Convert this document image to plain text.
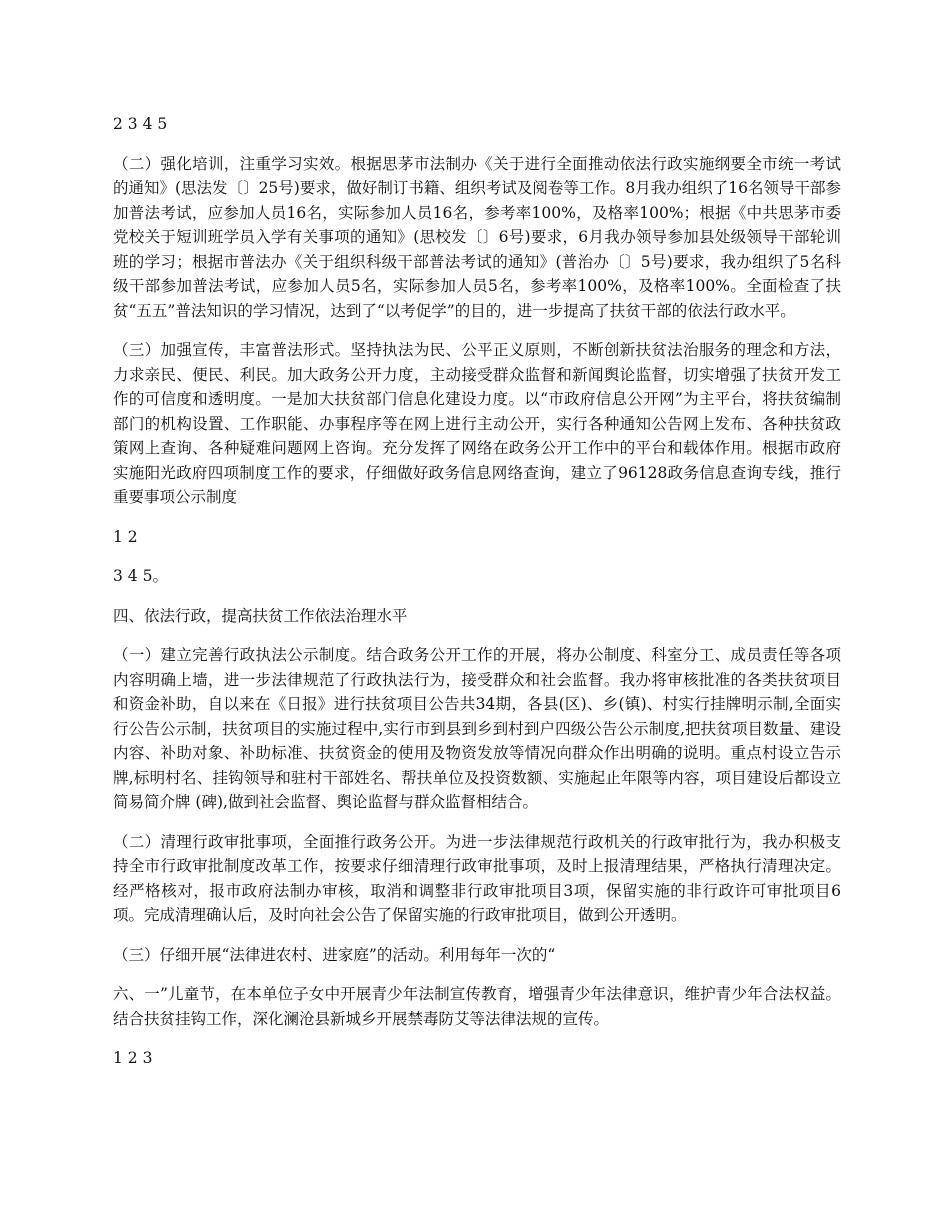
2 3 4 5

（二）强化培训，注重学习实效。根据思茅市法制办《关于进行全面推动依法行政实施纲要全市统一考试的通知》(思法发〔〕25号)要求，做好制订书籍、组织考试及阅卷等工作。8月我办组织了16名领导干部参加普法考试，应参加人员16名，实际参加人员16名，参考率100%，及格率100%；根据《中共思茅市委党校关于短训班学员入学有关事项的通知》(思校发〔〕6号)要求，6月我办领导参加县处级领导干部轮训班的学习；根据市普法办《关于组织科级干部普法考试的通知》(普治办〔〕5号)要求，我办组织了5名科级干部参加普法考试，应参加人员5名，实际参加人员5名，参考率100%，及格率100%。全面检查了扶贫“五五”普法知识的学习情况，达到了“以考促学”的目的，进一步提高了扶贫干部的依法行政水平。

（三）加强宣传，丰富普法形式。坚持执法为民、公平正义原则，不断创新扶贫法治服务的理念和方法，力求亲民、便民、利民。加大政务公开力度，主动接受群众监督和新闻舆论监督，切实增强了扶贫开发工作的可信度和透明度。一是加大扶贫部门信息化建设力度。以“市政府信息公开网”为主平台，将扶贫编制部门的机构设置、工作职能、办事程序等在网上进行主动公开，实行各种通知公告网上发布、各种扶贫政策网上查询、各种疑难问题网上咨询。充分发挥了网络在政务公开工作中的平台和载体作用。根据市政府实施阳光政府四项制度工作的要求，仔细做好政务信息网络查询，建立了96128政务信息查询专线，推行重要事项公示制度

1 2

3 4 5。

四、依法行政，提高扶贫工作依法治理水平

（一）建立完善行政执法公示制度。结合政务公开工作的开展，将办公制度、科室分工、成员责任等各项内容明确上墙，进一步法律规范了行政执法行为，接受群众和社会监督。我办将审核批准的各类扶贫项目和资金补助，自以来在《日报》进行扶贫项目公告共34期，各县(区)、乡(镇)、村实行挂牌明示制,全面实行公告公示制，扶贫项目的实施过程中,实行市到县到乡到村到户四级公告公示制度,把扶贫项目数量、建设内容、补助对象、补助标准、扶贫资金的使用及物资发放等情况向群众作出明确的说明。重点村设立告示牌,标明村名、挂钩领导和驻村干部姓名、帮扶单位及投资数额、实施起止年限等内容，项目建设后都设立简易简介牌 (碑),做到社会监督、舆论监督与群众监督相结合。

（二）清理行政审批事项，全面推行政务公开。为进一步法律规范行政机关的行政审批行为，我办积极支持全市行政审批制度改革工作，按要求仔细清理行政审批事项，及时上报清理结果，严格执行清理决定。经严格核对，报市政府法制办审核，取消和调整非行政审批项目3项，保留实施的非行政许可审批项目6项。完成清理确认后，及时向社会公告了保留实施的行政审批项目，做到公开透明。

（三）仔细开展“法律进农村、进家庭”的活动。利用每年一次的“

六、一”儿童节，在本单位子女中开展青少年法制宣传教育，增强青少年法律意识，维护青少年合法权益。结合扶贫挂钩工作，深化澜沧县新城乡开展禁毒防艾等法律法规的宣传。

1 2 3
